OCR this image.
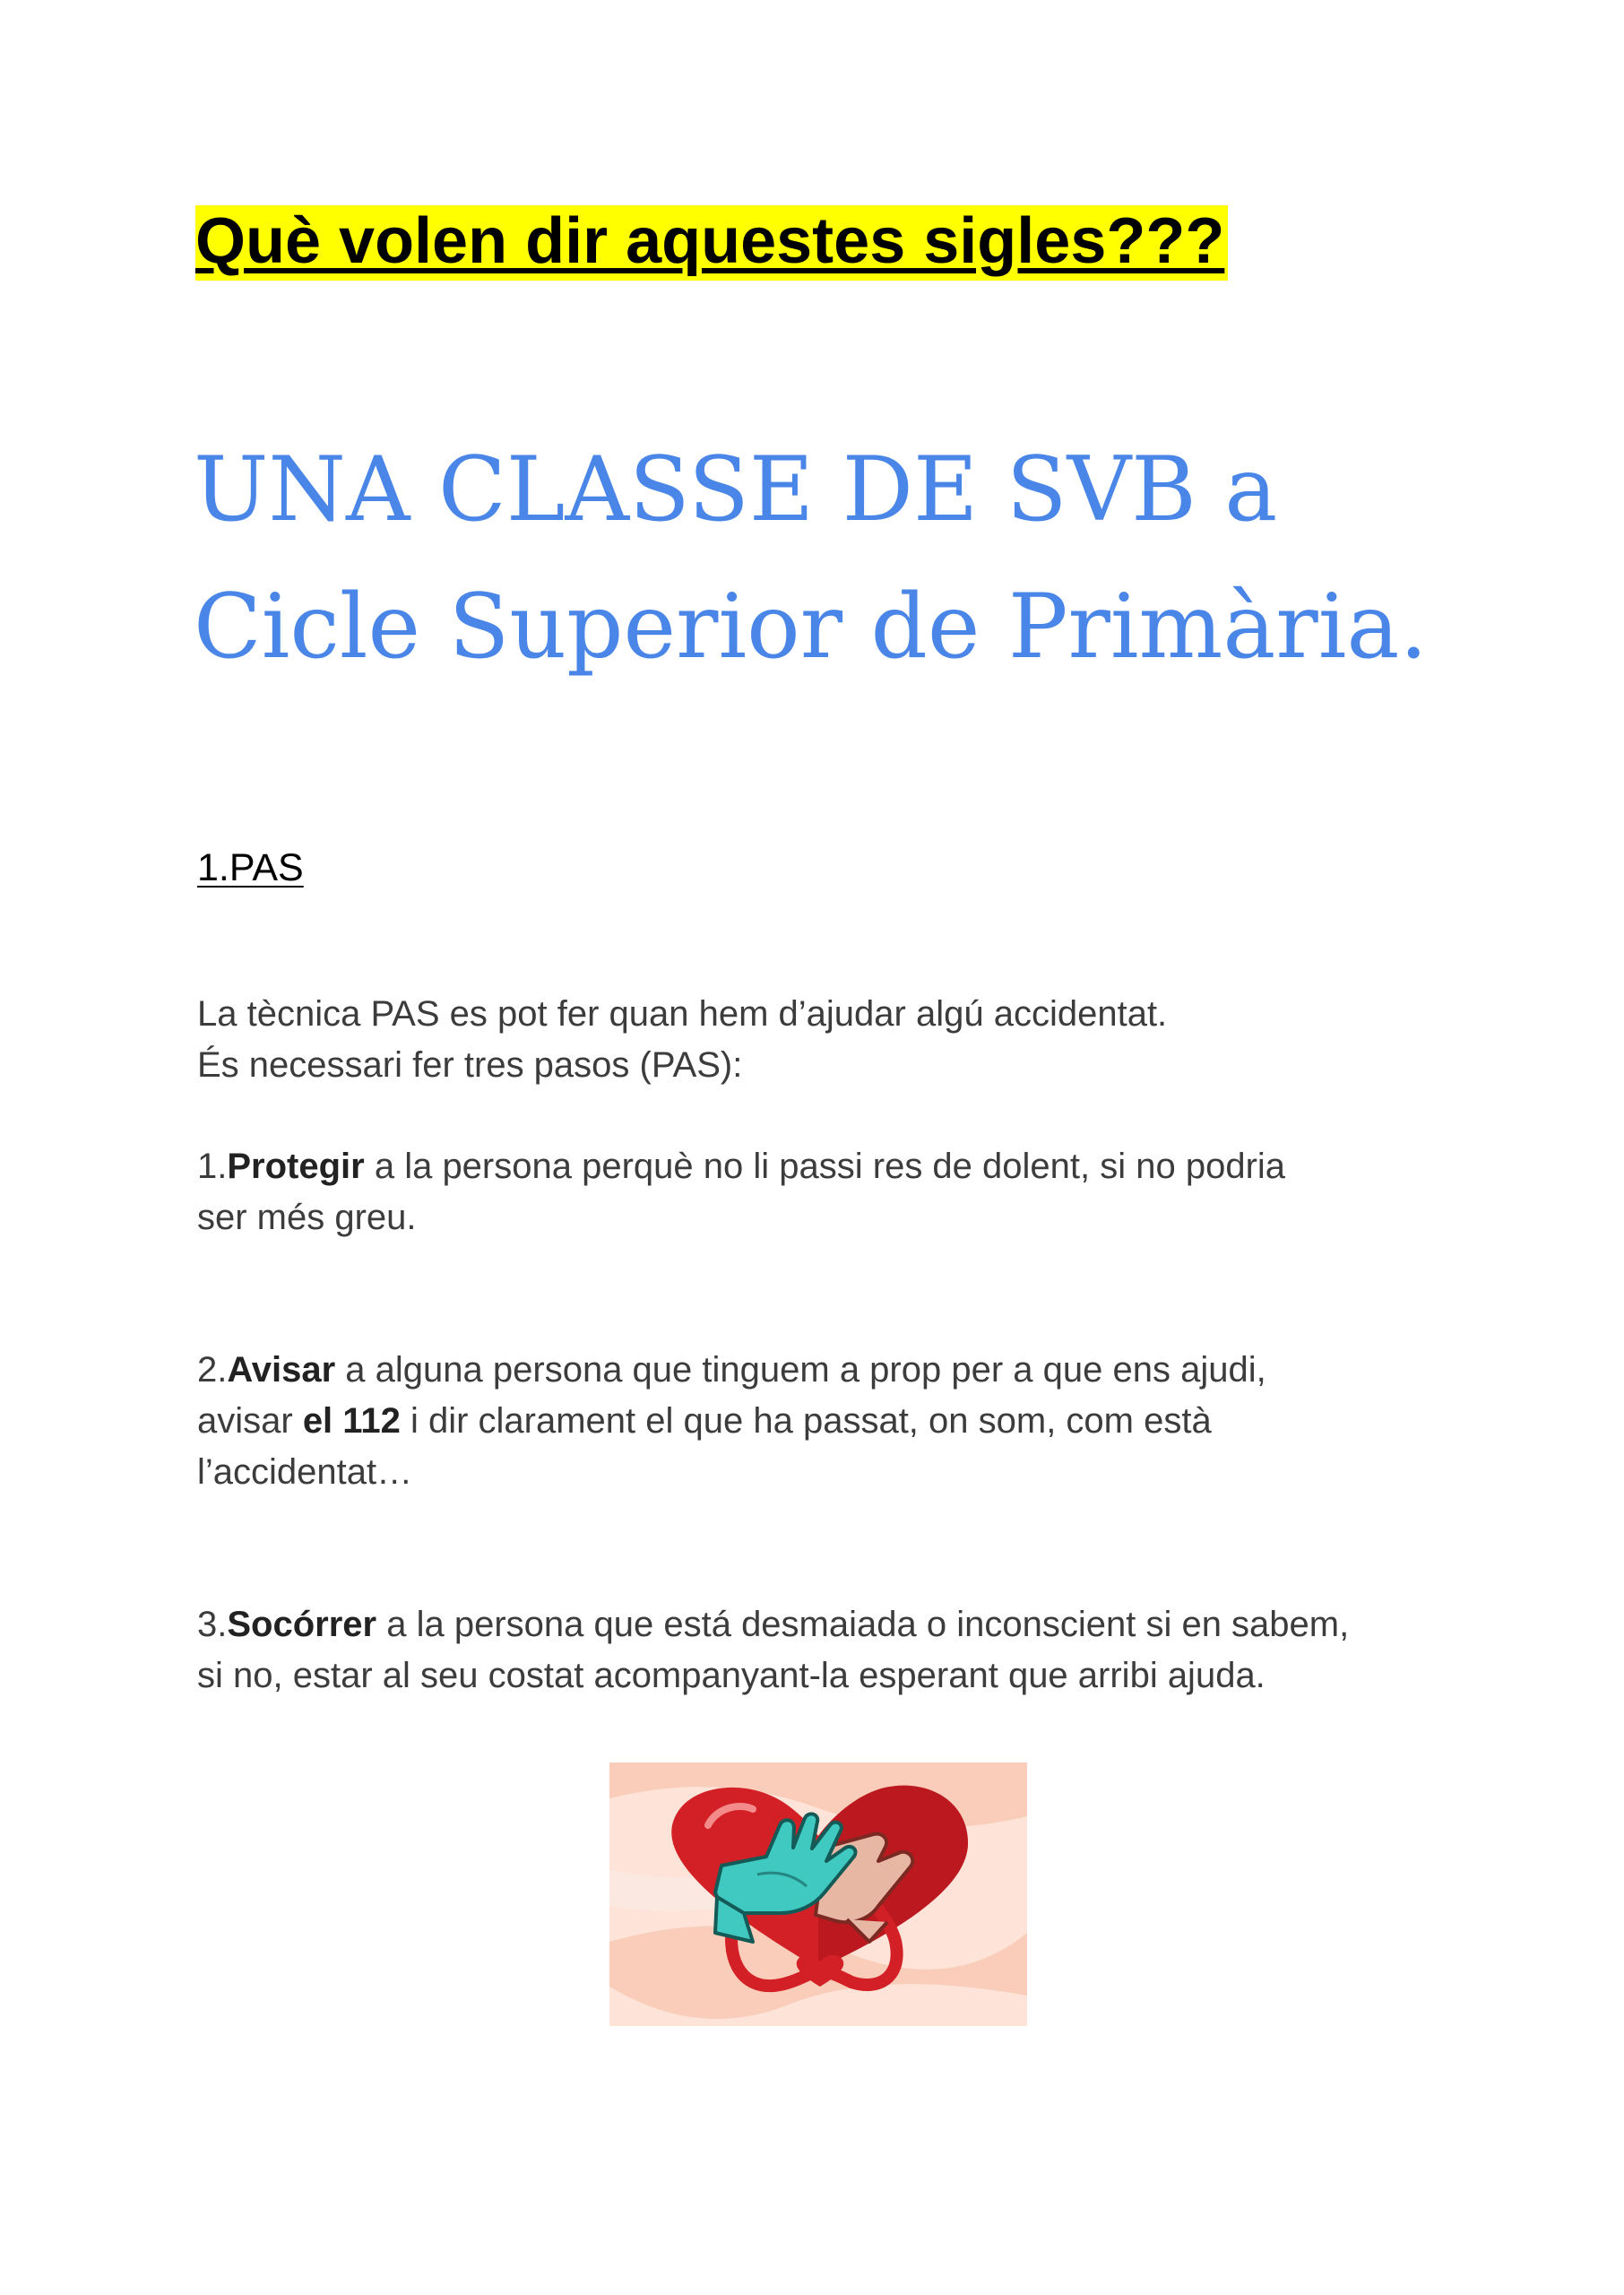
Què volen dir aquestes sigles???
UNA CLASSE DE SVB a
Cicle Superior de Primària.
1.PAS

La tècnica PAS es pot fer quan hem d’ajudar algú accidentat.
És necessari fer tres pasos (PAS):

1.Protegir a la persona perquè no li passi res de dolent, si no podria
ser més greu.

2.Avisar a alguna persona que tinguem a prop per a que ens ajudi,
avisar el 112 i dir clarament el que ha passat, on som, com està
l’accidentat…

3.Socórrer a la persona que está desmaiada o inconscient si en sabem,
si no, estar al seu costat acompanyant-la esperant que arribi ajuda.
